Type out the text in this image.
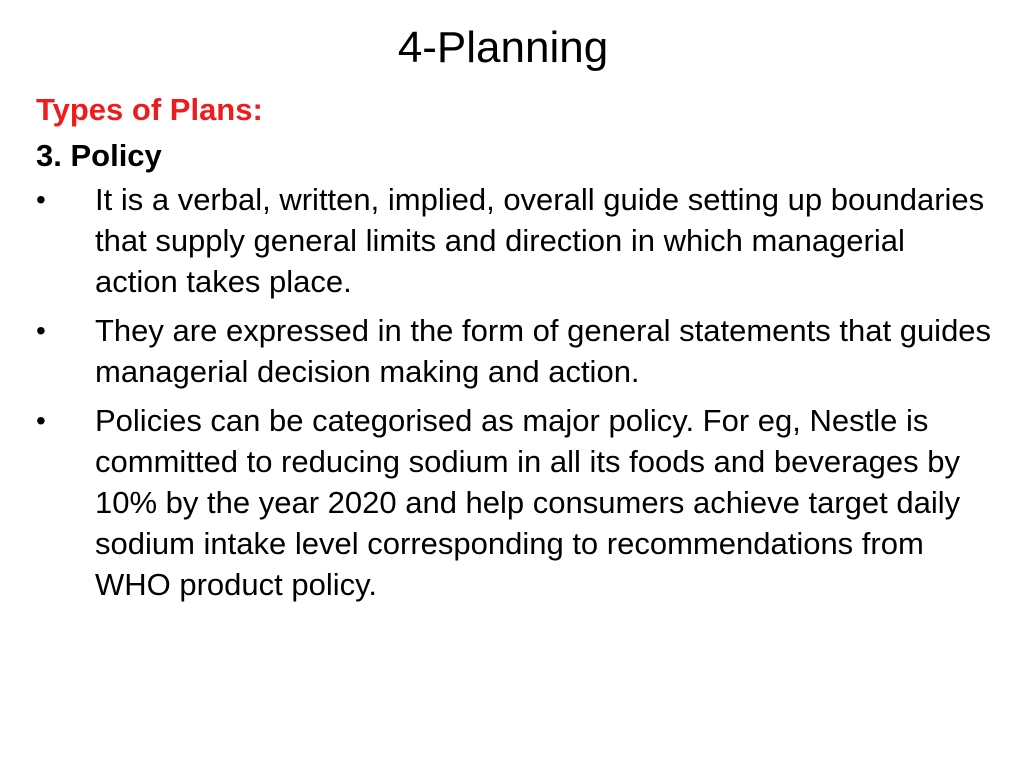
4-Planning

Types of Plans:

3. Policy

• It is a verbal, written, implied, overall guide setting up boundaries that supply general limits and direction in which managerial action takes place.
• They are expressed in the form of general statements that guides managerial decision making and action.
• Policies can be categorised as major policy. For eg, Nestle is committed to reducing sodium in all its foods and beverages by 10% by the year 2020 and help consumers achieve target daily sodium intake level corresponding to recommendations from WHO product policy.
